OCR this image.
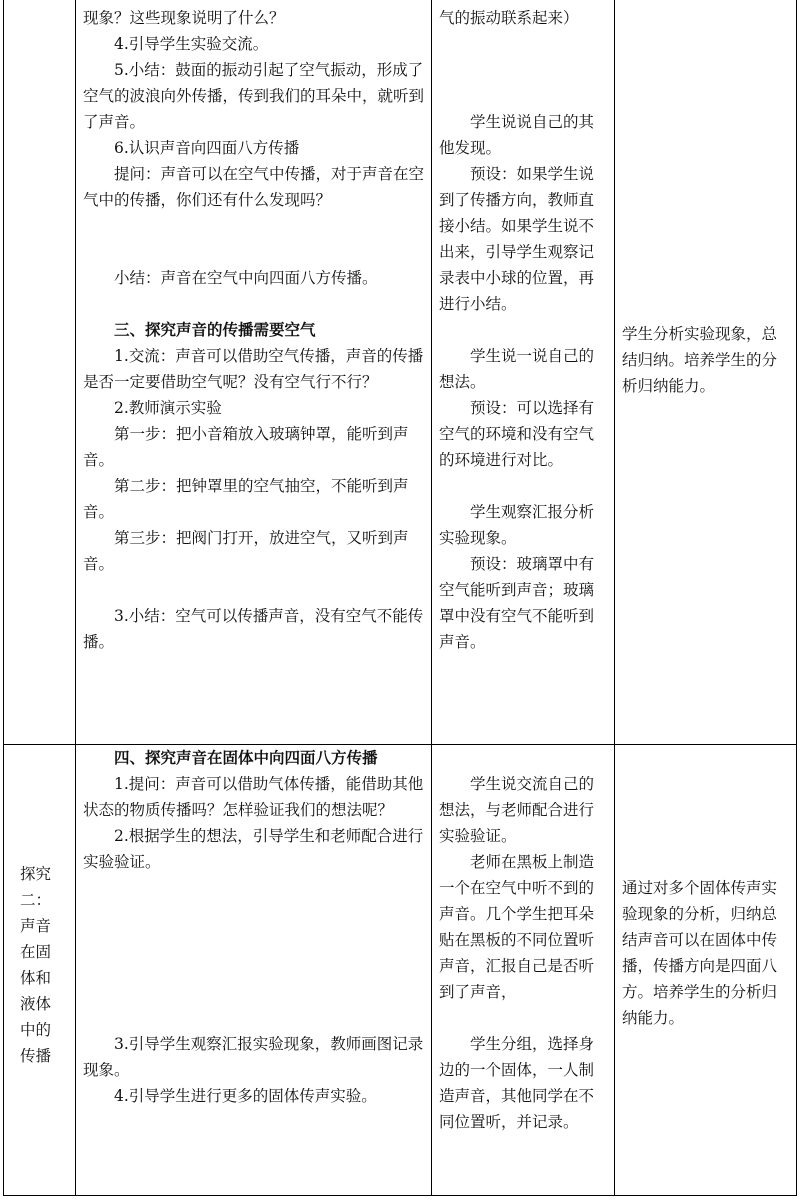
现象？这些现象说明了什么？

4.引导学生实验交流。

5.小结：鼓面的振动引起了空气振动，形成了空气的波浪向外传播，传到我们的耳朵中，就听到了声音。

6.认识声音向四面八方传播

提问：声音可以在空气中传播，对于声音在空气中的传播，你们还有什么发现吗？

小结：声音在空气中向四面八方传播。

三、探究声音的传播需要空气

1.交流：声音可以借助空气传播，声音的传播是否一定要借助空气呢？没有空气行不行？

2.教师演示实验

第一步：把小音箱放入玻璃钟罩，能听到声音。

第二步：把钟罩里的空气抽空，不能听到声音。

第三步：把阀门打开，放进空气，又听到声音。

3.小结：空气可以传播声音，没有空气不能传播。

气的振动联系起来）

学生说说自己的其他发现。

预设：如果学生说到了传播方向，教师直接小结。如果学生说不出来，引导学生观察记录表中小球的位置，再进行小结。

学生说一说自己的想法。

预设：可以选择有空气的环境和没有空气的环境进行对比。

学生观察汇报分析实验现象。

预设：玻璃罩中有空气能听到声音；玻璃罩中没有空气不能听到声音。

学生分析实验现象，总结归纳。培养学生的分析归纳能力。

探究二：声音在固体和液体中的传播

四、探究声音在固体中向四面八方传播

1.提问：声音可以借助气体传播，能借助其他状态的物质传播吗？怎样验证我们的想法呢？

2.根据学生的想法，引导学生和老师配合进行实验验证。

3.引导学生观察汇报实验现象，教师画图记录现象。

4.引导学生进行更多的固体传声实验。

学生说交流自己的想法，与老师配合进行实验验证。

老师在黑板上制造一个在空气中听不到的声音。几个学生把耳朵贴在黑板的不同位置听声音，汇报自己是否听到了声音，

学生分组，选择身边的一个固体，一人制造声音，其他同学在不同位置听，并记录。

通过对多个固体传声实验现象的分析，归纳总结声音可以在固体中传播，传播方向是四面八方。培养学生的分析归纳能力。
